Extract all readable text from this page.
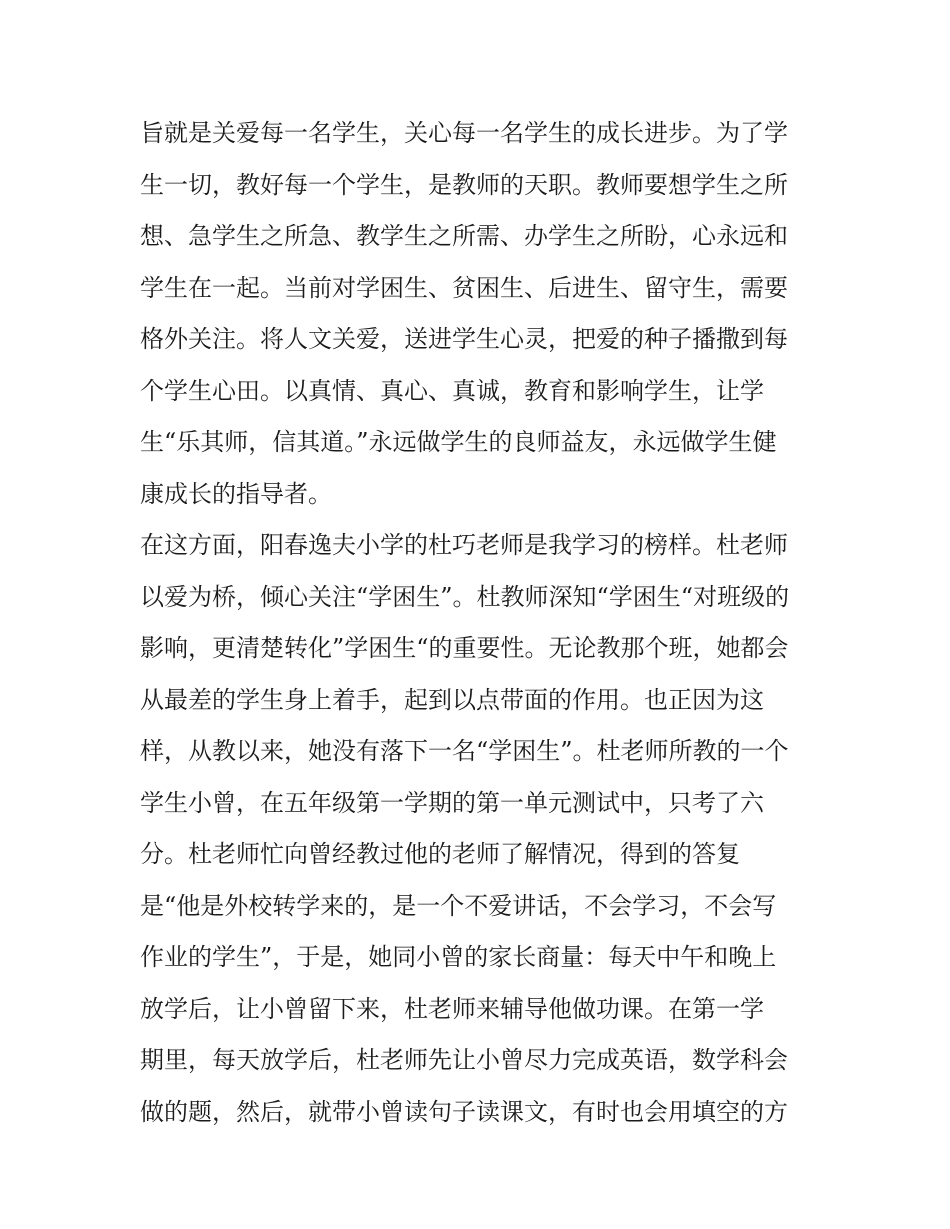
旨就是关爱每一名学生，关心每一名学生的成长进步。为了学
生一切，教好每一个学生，是教师的天职。教师要想学生之所
想、急学生之所急、教学生之所需、办学生之所盼，心永远和
学生在一起。当前对学困生、贫困生、后进生、留守生，需要
格外关注。将人文关爱，送进学生心灵，把爱的种子播撒到每
个学生心田。以真情、真心、真诚，教育和影响学生，让学
生“乐其师，信其道。”永远做学生的良师益友，永远做学生健
康成长的指导者。
在这方面，阳春逸夫小学的杜巧老师是我学习的榜样。杜老师
以爱为桥，倾心关注“学困生”。杜教师深知“学困生“对班级的
影响，更清楚转化”学困生“的重要性。无论教那个班，她都会
从最差的学生身上着手，起到以点带面的作用。也正因为这
样，从教以来，她没有落下一名“学困生”。杜老师所教的一个
学生小曾，在五年级第一学期的第一单元测试中，只考了六
分。杜老师忙向曾经教过他的老师了解情况，得到的答复
是“他是外校转学来的，是一个不爱讲话，不会学习，不会写
作业的学生”，于是，她同小曾的家长商量：每天中午和晚上
放学后，让小曾留下来，杜老师来辅导他做功课。在第一学
期里，每天放学后，杜老师先让小曾尽力完成英语，数学科会
做的题，然后，就带小曾读句子读课文，有时也会用填空的方
